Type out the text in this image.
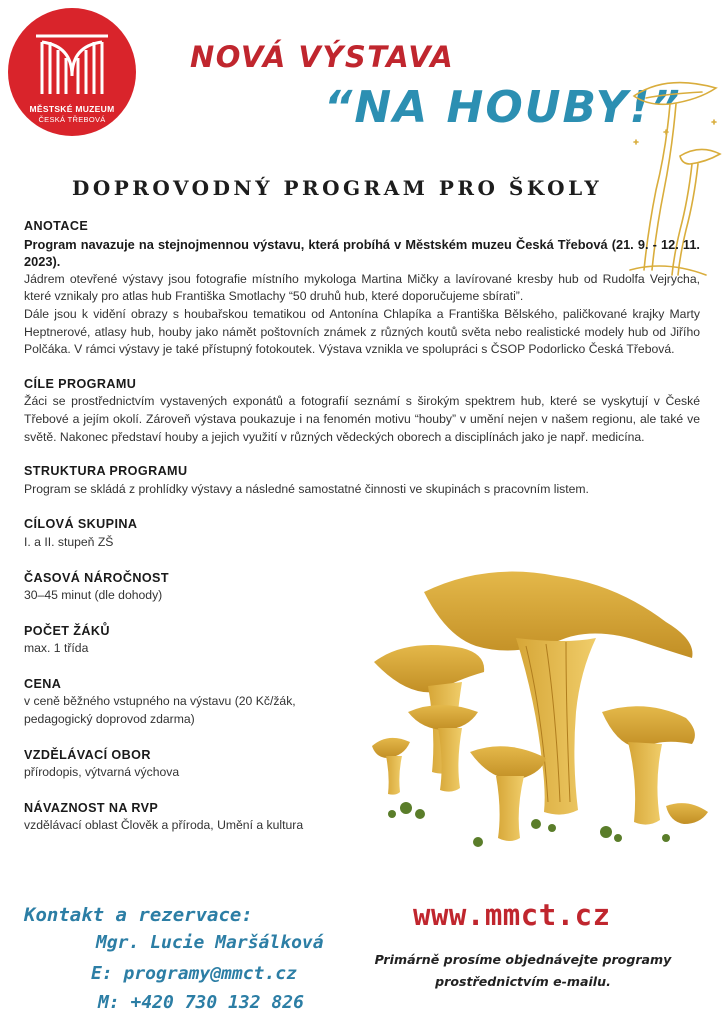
MĚSTSKÉ MUZEUM
ČESKÁ TŘEBOVÁ
NOVÁ VÝSTAVA
“NA HOUBY!”
DOPROVODNÝ PROGRAM PRO ŠKOLY
ANOTACE
Program navazuje na stejnojmennou výstavu, která probíhá v Městském muzeu Česká Třebová (21. 9. - 12. 11. 2023).
Jádrem otevřené výstavy jsou fotografie místního mykologa Martina Mičky a lavírované kresby hub od Rudolfa Vejrycha, které vznikaly pro atlas hub Františka Smotlachy “50 druhů hub, které doporučujeme sbírati”.
Dále jsou k vidění obrazy s houbařskou tematikou od Antonína Chlapíka a Františka Bělského, paličkované krajky Marty Heptnerové, atlasy hub, houby jako námět poštovních známek z různých koutů světa nebo realistické modely hub od Jiřího Polčáka. V rámci výstavy je také přístupný fotokoutek. Výstava vznikla ve spolupráci s ČSOP Podorlicko Česká Třebová.
CÍLE PROGRAMU
Žáci se prostřednictvím vystavených exponátů a fotografií seznámí s širokým spektrem hub, které se vyskytují v České Třebové a jejím okolí. Zároveň výstava poukazuje i na fenomén motivu “houby” v umění nejen v našem regionu, ale také ve světě. Nakonec představí houby a jejich využití v různých vědeckých oborech a disciplínách jako je např. medicína.
STRUKTURA PROGRAMU
Program se skládá z prohlídky výstavy a následné samostatné činnosti ve skupinách s pracovním listem.
CÍLOVÁ SKUPINA
I. a II. stupeň ZŠ
ČASOVÁ NÁROČNOST
30–45 minut (dle dohody)
POČET ŽÁKŮ
max. 1 třída
CENA
v ceně běžného vstupného na výstavu (20 Kč/žák,
pedagogický doprovod zdarma)
VZDĚLÁVACÍ OBOR
přírodopis, výtvarná výchova
NÁVAZNOST NA RVP
vzdělávací oblast Člověk a příroda, Umění a kultura
Kontakt a rezervace:
Mgr. Lucie Maršálková
E: programy@mmct.cz
M: +420 730 132 826
www.mmct.cz
Primárně prosíme objednávejte programy
prostřednictvím e-mailu.
